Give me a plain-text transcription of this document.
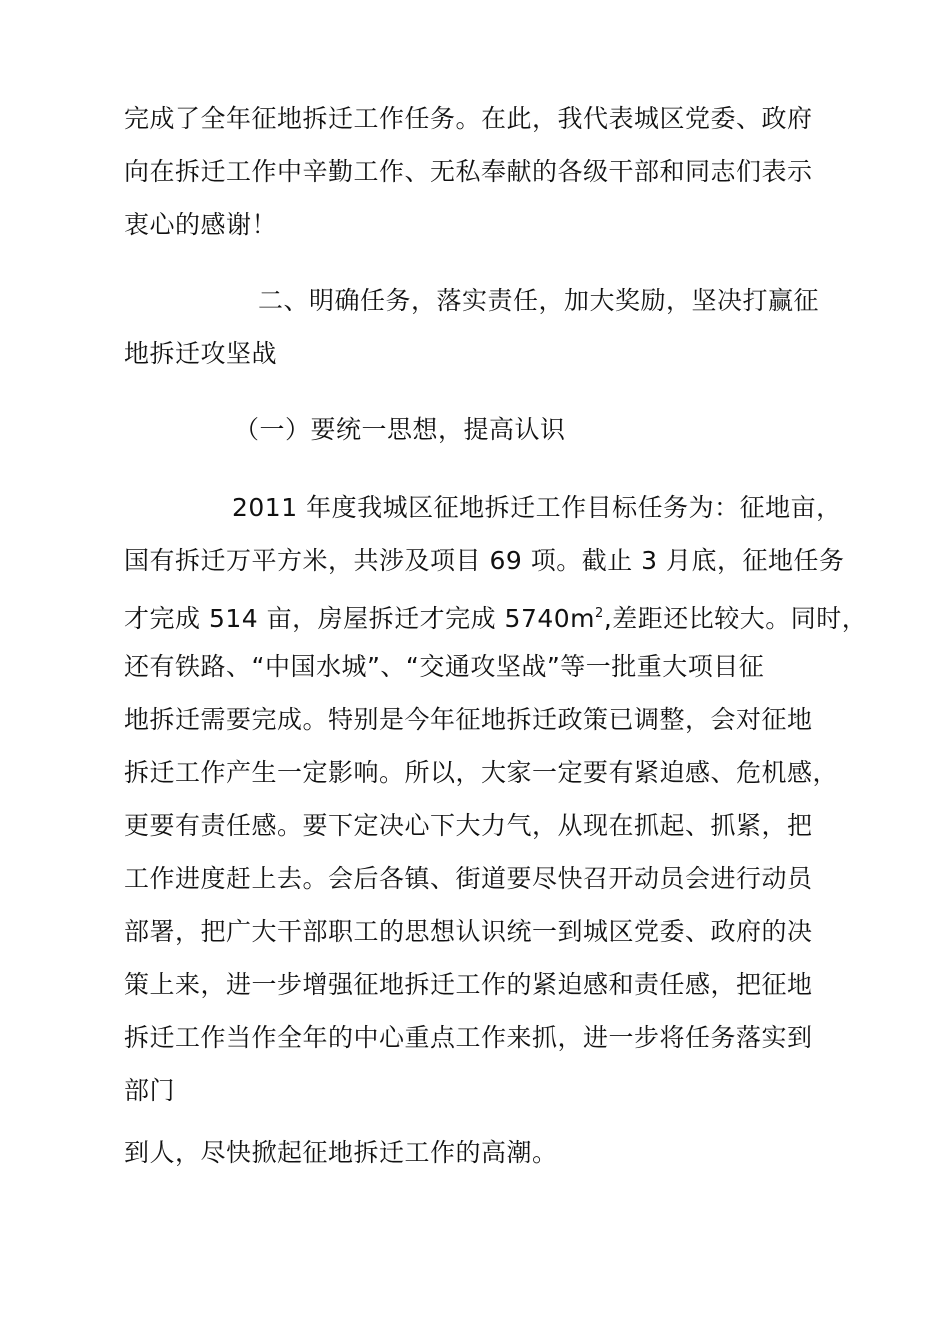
完成了全年征地拆迁工作任务。在此，我代表城区党委、政府
向在拆迁工作中辛勤工作、无私奉献的各级干部和同志们表示
衷心的感谢！
二、明确任务，落实责任，加大奖励，坚决打赢征
地拆迁攻坚战
（一）要统一思想，提高认识
2011 年度我城区征地拆迁工作目标任务为：征地亩，
国有拆迁万平方米，共涉及项目 69 项。截止 3 月底，征地任务
才完成 514 亩，房屋拆迁才完成 $5740m^2$,差距还比较大。同时，
还有铁路、“中国水城”、“交通攻坚战”等一批重大项目征
地拆迁需要完成。特别是今年征地拆迁政策已调整，会对征地
拆迁工作产生一定影响。所以，大家一定要有紧迫感、危机感，
更要有责任感。要下定决心下大力气，从现在抓起、抓紧，把
工作进度赶上去。会后各镇、街道要尽快召开动员会进行动员
部署，把广大干部职工的思想认识统一到城区党委、政府的决
策上来，进一步增强征地拆迁工作的紧迫感和责任感，把征地
拆迁工作当作全年的中心重点工作来抓，进一步将任务落实到
部门
到人，尽快掀起征地拆迁工作的高潮。
